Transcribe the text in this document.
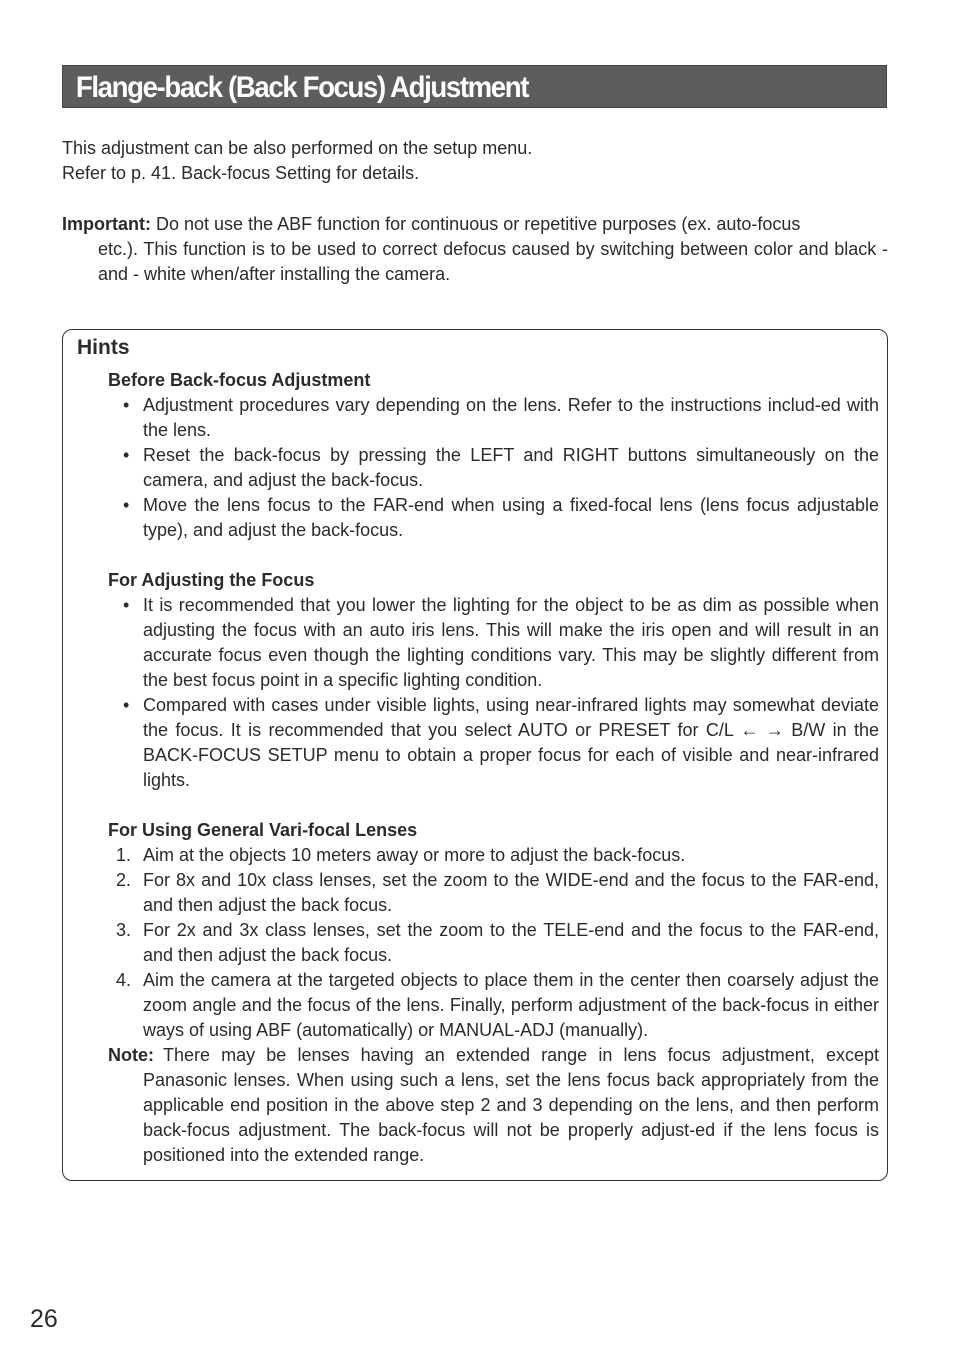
Flange-back (Back Focus) Adjustment

This adjustment can be also performed on the setup menu.

Refer to p. 41. Back-focus Setting for details.

Important: Do not use the ABF function for continuous or repetitive purposes (ex. auto-focus

etc.). This function is to be used to correct defocus caused by switching between color and black - and - white when/after installing the camera.

Hints

Before Back-focus Adjustment

• Adjustment procedures vary depending on the lens. Refer to the instructions includ-ed with the lens.
• Reset the back-focus by pressing the LEFT and RIGHT buttons simultaneously on the camera, and adjust the back-focus.
• Move the lens focus to the FAR-end when using a fixed-focal lens (lens focus adjustable type), and adjust the back-focus.

For Adjusting the Focus

• It is recommended that you lower the lighting for the object to be as dim as possible when adjusting the focus with an auto iris lens. This will make the iris open and will result in an accurate focus even though the lighting conditions vary. This may be slightly different from the best focus point in a specific lighting condition.
• Compared with cases under visible lights, using near-infrared lights may somewhat deviate the focus. It is recommended that you select AUTO or PRESET for C/L ← → B/W in the BACK-FOCUS SETUP menu to obtain a proper focus for each of visible and near-infrared lights.

For Using General Vari-focal Lenses

1. Aim at the objects 10 meters away or more to adjust the back-focus.
2. For 8x and 10x class lenses, set the zoom to the WIDE-end and the focus to the FAR-end, and then adjust the back focus.
3. For 2x and 3x class lenses, set the zoom to the TELE-end and the focus to the FAR-end, and then adjust the back focus.
4. Aim the camera at the targeted objects to place them in the center then coarsely adjust the zoom angle and the focus of the lens. Finally, perform adjustment of the back-focus in either ways of using ABF (automatically) or MANUAL-ADJ (manually).
Note: There may be lenses having an extended range in lens focus adjustment, except Panasonic lenses. When using such a lens, set the lens focus back appropriately from the applicable end position in the above step 2 and 3 depending on the lens, and then perform back-focus adjustment. The back-focus will not be properly adjust-ed if the lens focus is positioned into the extended range.
26
